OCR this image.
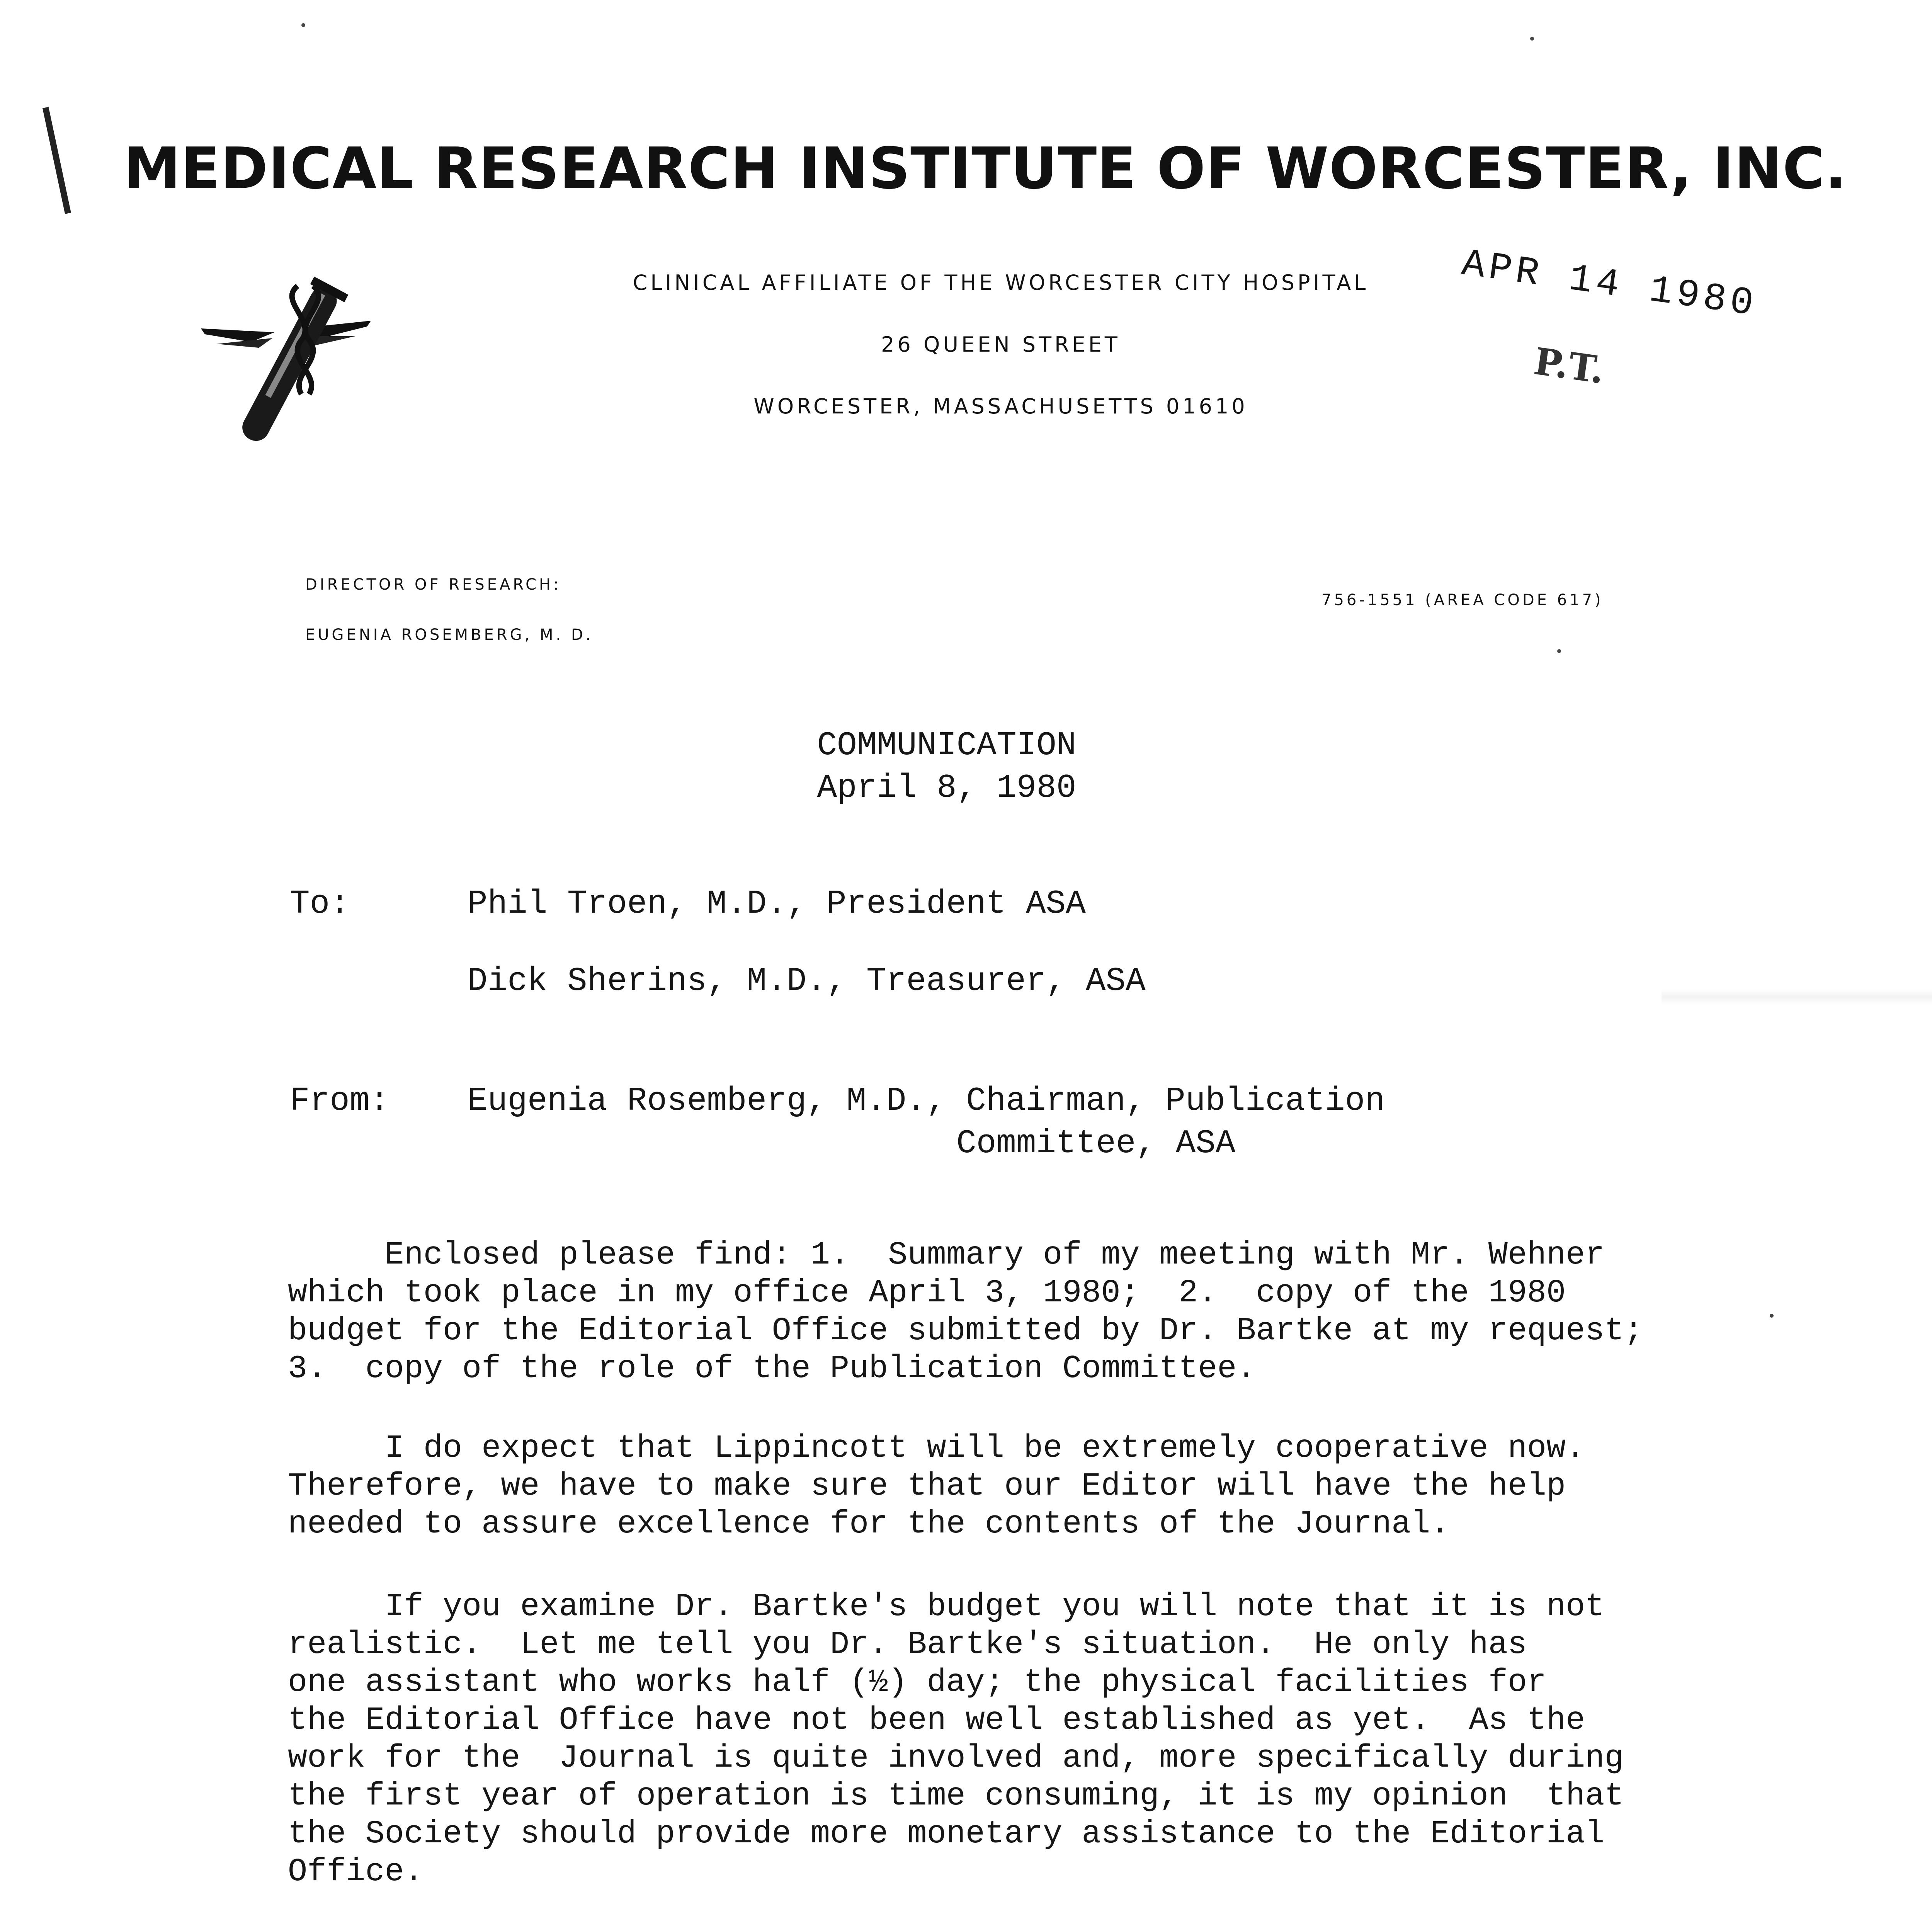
MEDICAL RESEARCH INSTITUTE OF WORCESTER, INC.
CLINICAL AFFILIATE OF THE WORCESTER CITY HOSPITAL
26 QUEEN STREET
WORCESTER, MASSACHUSETTS 01610
APR 14 1980
P.T.
DIRECTOR OF RESEARCH:
EUGENIA ROSEMBERG, M. D.
756-1551 (AREA CODE 617)
COMMUNICATION
April 8, 1980
To:	Phil Troen, M.D., President ASA
Dick Sherins, M.D., Treasurer, ASA
From: Eugenia Rosemberg, M.D., Chairman, Publication
Committee, ASA

Enclosed please find: 1.  Summary of my meeting with Mr. Wehner
which took place in my office April 3, 1980;  2.  copy of the 1980
budget for the Editorial Office submitted by Dr. Bartke at my request;
3.  copy of the role of the Publication Committee.

I do expect that Lippincott will be extremely cooperative now.
Therefore, we have to make sure that our Editor will have the help
needed to assure excellence for the contents of the Journal.

If you examine Dr. Bartke's budget you will note that it is not
realistic.  Let me tell you Dr. Bartke's situation.  He only has
one assistant who works half (½) day; the physical facilities for
the Editorial Office have not been well established as yet.  As the
work for the  Journal is quite involved and, more specifically during
the first year of operation is time consuming, it is my opinion  that
the Society should provide more monetary assistance to the Editorial
Office.
